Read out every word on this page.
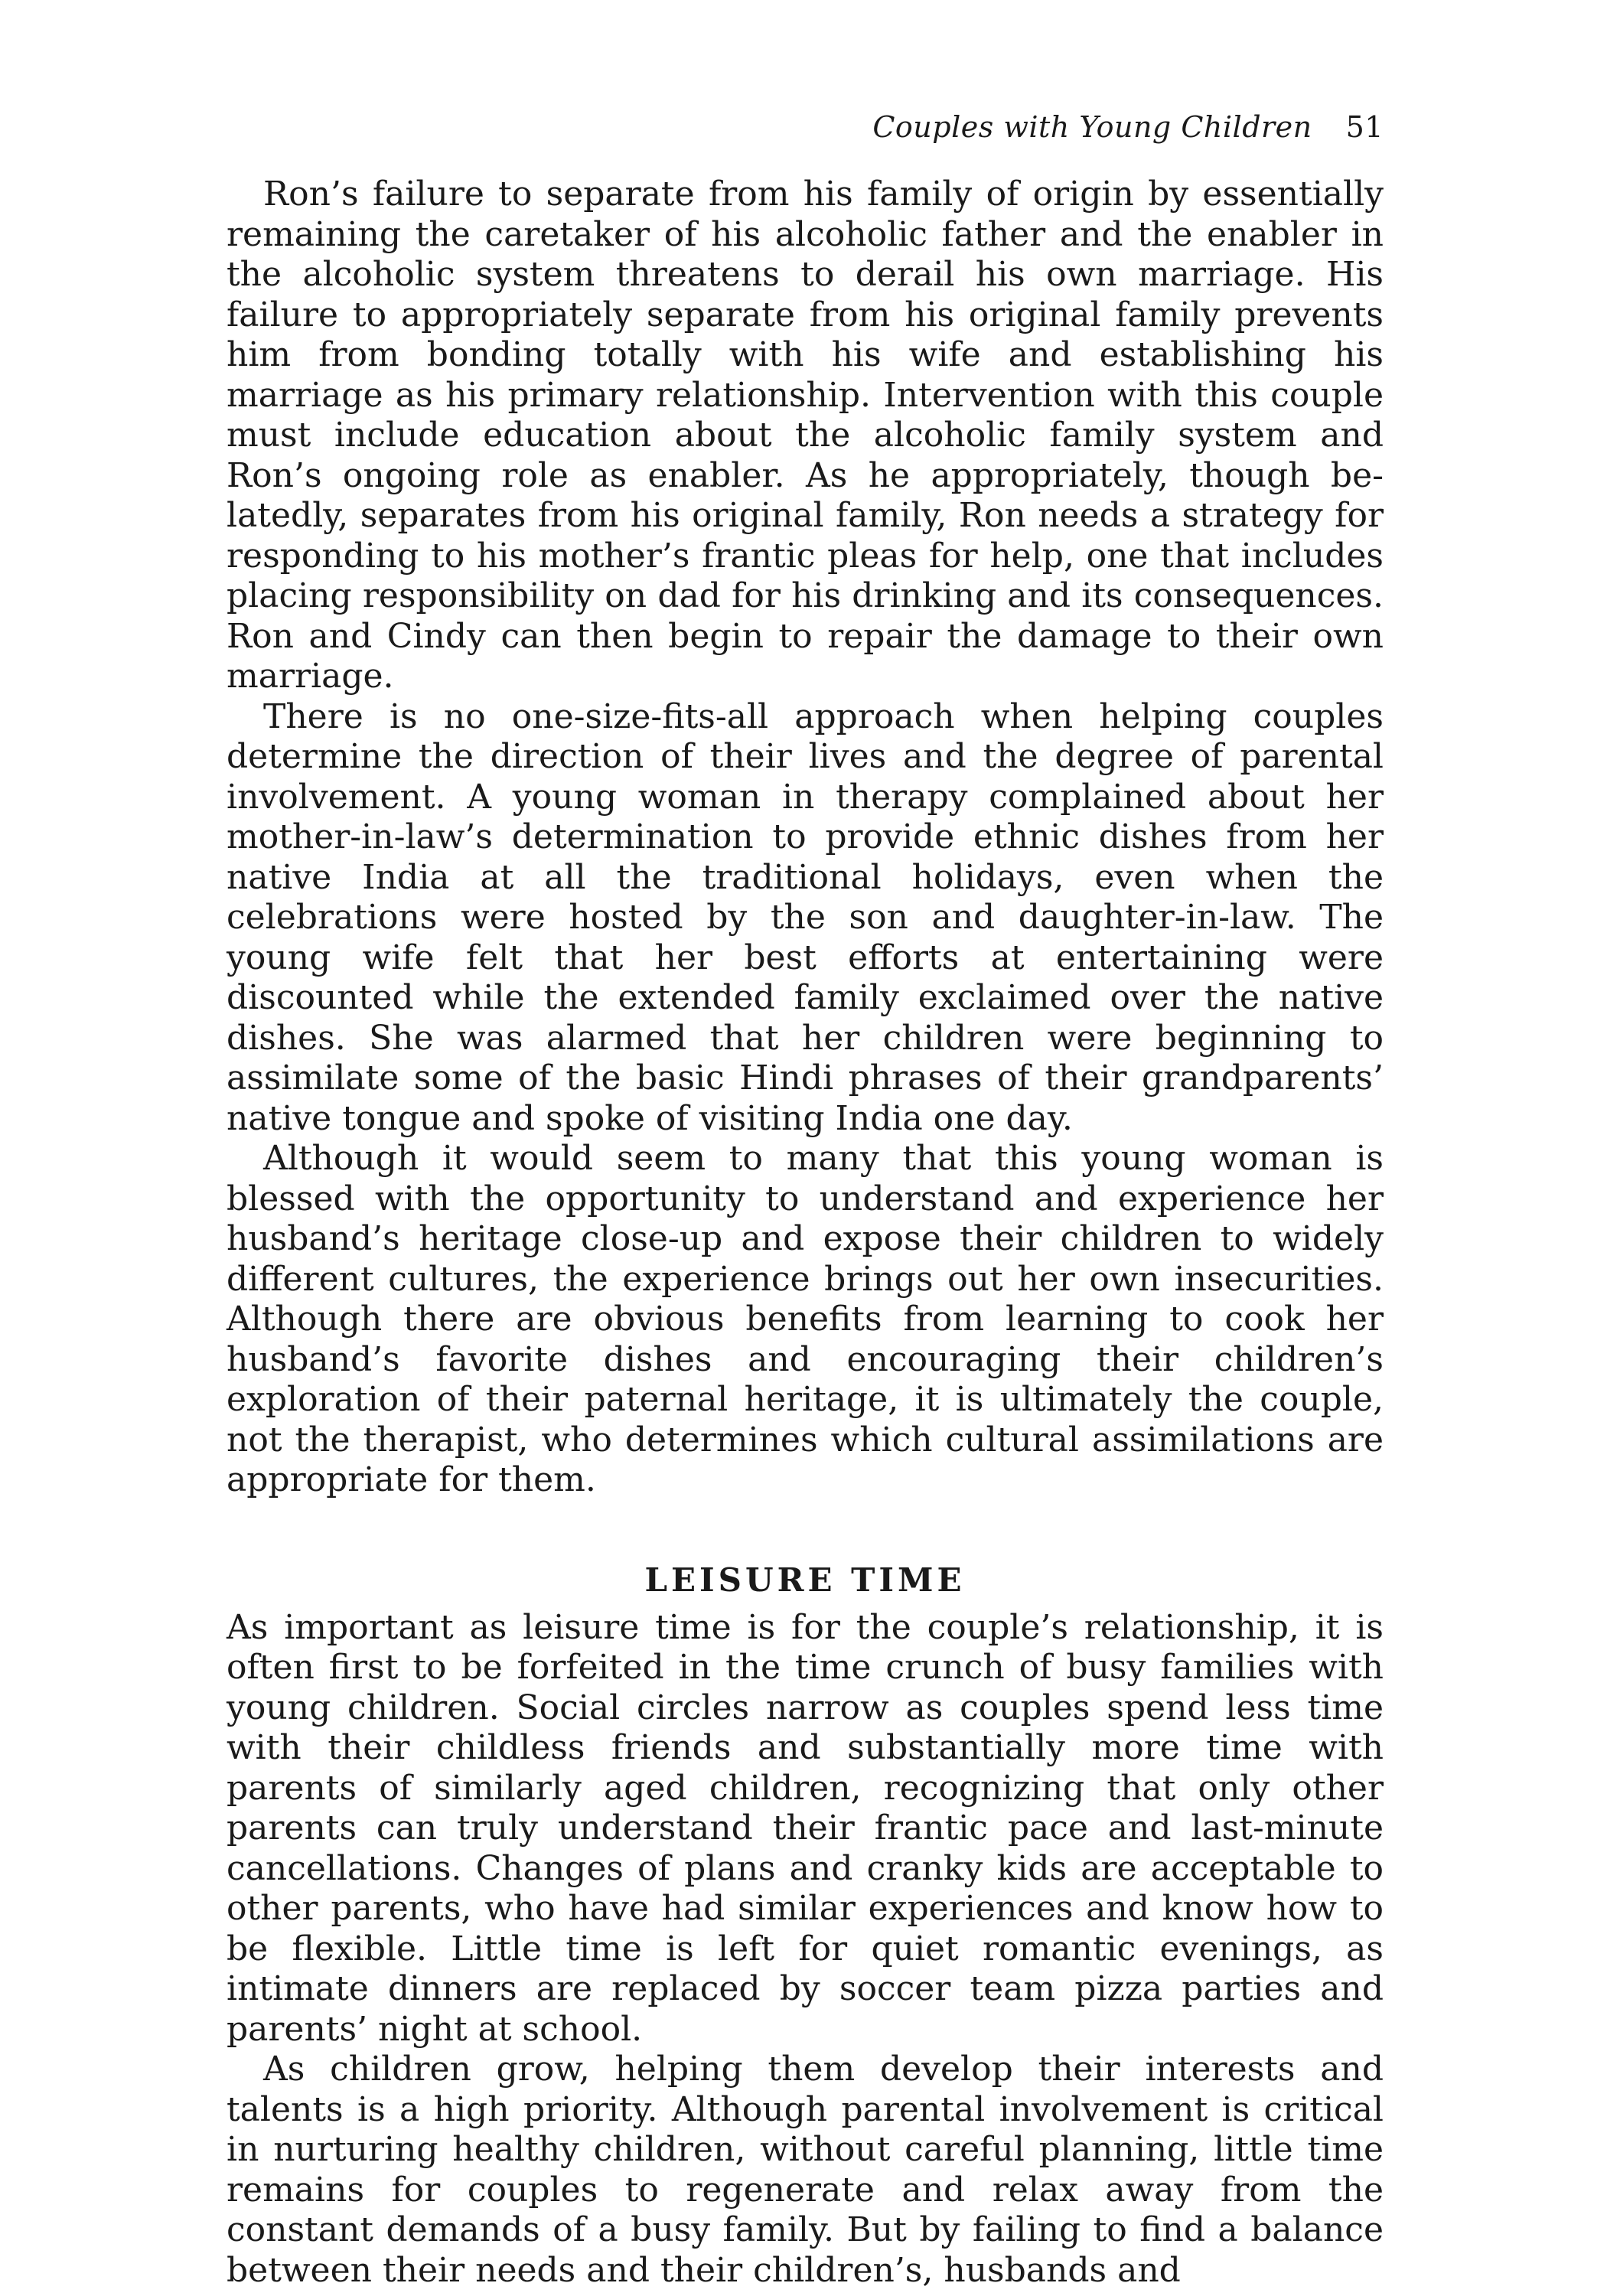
Couples with Young Children 51

Ron’s failure to separate from his family of origin by essentially remaining the caretaker of his alcoholic father and the enabler in the alcoholic system threatens to derail his own marriage. His failure to appropriately separate from his original family prevents him from bonding totally with his wife and establishing his marriage as his primary relationship. Intervention with this couple must include education about the alcoholic family system and Ron’s ongoing role as enabler. As he appropriately, though belatedly, separates from his original family, Ron needs a strategy for responding to his mother’s frantic pleas for help, one that includes placing responsibility on dad for his drinking and its consequences. Ron and Cindy can then begin to repair the damage to their own marriage.

There is no one-size-fits-all approach when helping couples determine the direction of their lives and the degree of parental involvement. A young woman in therapy complained about her mother-in-law’s determination to provide ethnic dishes from her native India at all the traditional holidays, even when the celebrations were hosted by the son and daughter-in-law. The young wife felt that her best efforts at entertaining were discounted while the extended family exclaimed over the native dishes. She was alarmed that her children were beginning to assimilate some of the basic Hindi phrases of their grandparents’ native tongue and spoke of visiting India one day.

Although it would seem to many that this young woman is blessed with the opportunity to understand and experience her husband’s heritage close-up and expose their children to widely different cultures, the experience brings out her own insecurities. Although there are obvious benefits from learning to cook her husband’s favorite dishes and encouraging their children’s exploration of their paternal heritage, it is ultimately the couple, not the therapist, who determines which cultural assimilations are appropriate for them.

LEISURE TIME

As important as leisure time is for the couple’s relationship, it is often first to be forfeited in the time crunch of busy families with young children. Social circles narrow as couples spend less time with their childless friends and substantially more time with parents of similarly aged children, recognizing that only other parents can truly understand their frantic pace and last-minute cancellations. Changes of plans and cranky kids are acceptable to other parents, who have had similar experiences and know how to be flexible. Little time is left for quiet romantic evenings, as intimate dinners are replaced by soccer team pizza parties and parents’ night at school.

As children grow, helping them develop their interests and talents is a high priority. Although parental involvement is critical in nurturing healthy children, without careful planning, little time remains for couples to regenerate and relax away from the constant demands of a busy family. But by failing to find a balance between their needs and their children’s, husbands and
